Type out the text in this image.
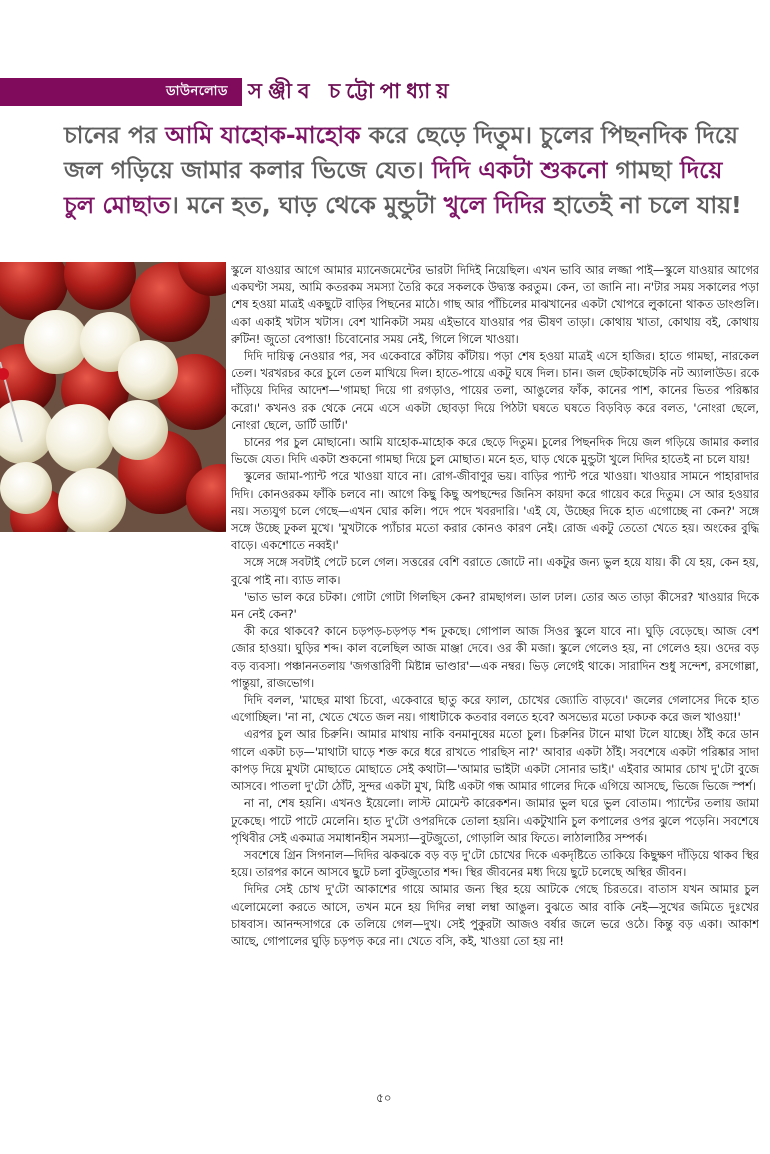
ডাউনলোড সঞ্জীব চট্টোপাধ্যায়
চানের পর আমি যাহোক-মাহোক করে ছেড়ে দিতুম। চুলের পিছনদিক দিয়ে জল গড়িয়ে জামার কলার ভিজে যেত। দিদি একটা শুকনো গামছা দিয়ে চুল মোছাত। মনে হত, ঘাড় থেকে মুন্ডুটা খুলে দিদির হাতেই না চলে যায়!

স্কুলে যাওয়ার আগে আমার ম্যানেজমেন্টের ভারটা দিদিই নিয়েছিল। এখন ভাবি আর লজ্জা পাই—স্কুলে যাওয়ার আগের একঘণ্টা সময়, আমি কতরকম সমস্যা তৈরি করে সকলকে উদ্ব্যস্ত করতুম। কেন, তা জানি না। ন'টার সময় সকালের পড়া শেষ হওয়া মাত্রই একছুটে বাড়ির পিছনের মাঠে। গাছ আর পাঁচিলের মাঝখানের একটা খোপরে লুকানো থাকত ডাংগুলি। একা একাই খটাস খটাস। বেশ খানিকটা সময় এইভাবে যাওয়ার পর ভীষণ তাড়া। কোথায় খাতা, কোথায় বই, কোথায় রুটিন! জুতো বেপাত্তা! চিবোনোর সময় নেই, গিলে গিলে খাওয়া।

দিদি দায়িত্ব নেওয়ার পর, সব একেবারে কাঁটায় কাঁটায়। পড়া শেষ হওয়া মাত্রই এসে হাজির। হাতে গামছা, নারকেল তেল। খরখরচর করে চুলে তেল মাখিয়ে দিল। হাতে-পায়ে একটু ঘষে দিল। চান। জল ছেটকাছেটকি নট অ্যালাউড। রকে দাঁড়িয়ে দিদির আদেশ—'গামছা দিয়ে গা রগড়াও, পায়ের তলা, আঙুলের ফাঁক, কানের পাশ, কানের ভিতর পরিষ্কার করো।' কখনও রক থেকে নেমে এসে একটা ছোবড়া দিয়ে পিঠটা ঘষতে ঘষতে বিড়বিড় করে বলত, 'নোংরা ছেলে, নোংরা ছেলে, ডার্টি ডার্টি।'

চানের পর চুল মোছানো। আমি যাহোক-মাহোক করে ছেড়ে দিতুম। চুলের পিছনদিক দিয়ে জল গড়িয়ে জামার কলার ভিজে যেত। দিদি একটা শুকনো গামছা দিয়ে চুল মোছাত। মনে হত, ঘাড় থেকে মুন্ডুটা খুলে দিদির হাতেই না চলে যায়!

স্কুলের জামা-প্যান্ট পরে খাওয়া যাবে না। রোগ-জীবাণুর ভয়। বাড়ির প্যান্ট পরে খাওয়া। খাওয়ার সামনে পাহারাদার দিদি। কোনওরকম ফাঁকি চলবে না। আগে কিছু কিছু অপছন্দের জিনিস কায়দা করে গায়েব করে দিতুম। সে আর হওয়ার নয়। সত্যযুগ চলে গেছে—এখন ঘোর কলি। পদে পদে খবরদারি। 'এই যে, উচ্ছের দিকে হাত এগোচ্ছে না কেন?' সঙ্গে সঙ্গে উচ্ছে ঢুকল মুখে। 'মুখটাকে প্যাঁচার মতো করার কোনও কারণ নেই। রোজ একটু তেতো খেতে হয়। অংকের বুদ্ধি বাড়ে। একশোতে নব্বই।'

সঙ্গে সঙ্গে সবটাই পেটে চলে গেল। সত্তরের বেশি বরাতে জোটে না। একটুর জন্য ভুল হয়ে যায়। কী যে হয়, কেন হয়, বুঝে পাই না। ব্যাড লাক।

'ভাত ভাল করে চটকা। গোটা গোটা গিলছিস কেন? রামছাগল। ডাল ঢাল। তোর অত তাড়া কীসের? খাওয়ার দিকে মন নেই কেন?'

কী করে থাকবে? কানে চড়পড়-চড়পড় শব্দ ঢুকছে। গোপাল আজ সিওর স্কুলে যাবে না। ঘুড়ি বেড়েছে। আজ বেশ জোর হাওয়া। ঘুড়ির শব্দ। কাল বলেছিল আজ মাঞ্জা দেবে। ওর কী মজা। স্কুলে গেলেও হয়, না গেলেও হয়। ওদের বড় বড় ব্যবসা। পঞ্চাননতলায় 'জগত্তারিণী মিষ্টান্ন ভাণ্ডার'—এক নম্বর। ভিড় লেগেই থাকে। সারাদিন শুধু সন্দেশ, রসগোল্লা, পান্তুয়া, রাজভোগ।

দিদি বলল, 'মাছের মাথা চিবো, একেবারে ছাতু করে ফ্যাল, চোখের জ্যোতি বাড়বে।' জলের গেলাসের দিকে হাত এগোচ্ছিল। 'না না, খেতে খেতে জল নয়। গাধাটাকে কতবার বলতে হবে? অসভ্যের মতো ঢকঢক করে জল খাওয়া!'

এরপর চুল আর চিরুনি। আমার মাথায় নাকি বনমানুষের মতো চুল। চিরুনির টানে মাথা টলে যাচ্ছে। ঠাঁই করে ডান গালে একটা চড়—'মাথাটা ঘাড়ে শক্ত করে ধরে রাখতে পারছিস না?' আবার একটা ঠাঁই। সবশেষে একটা পরিষ্কার সাদা কাপড় দিয়ে মুখটা মোছাতে মোছাতে সেই কথাটা—'আমার ভাইটা একটা সোনার ভাই।' এইবার আমার চোখ দু'টো বুজে আসবে। পাতলা দু'টো ঠোঁট, সুন্দর একটা মুখ, মিষ্টি একটা গন্ধ আমার গালের দিকে এগিয়ে আসছে, ভিজে ভিজে স্পর্শ।

না না, শেষ হয়নি। এখনও ইয়েলো। লাস্ট মোমেন্ট কারেকশন। জামার ভুল ঘরে ভুল বোতাম। প্যান্টের তলায় জামা ঢুকেছে। পাটে পাটে মেলেনি। হাত দু'টো ওপরদিকে তোলা হয়নি। একটুখানি চুল কপালের ওপর ঝুলে পড়েনি। সবশেষে পৃথিবীর সেই একমাত্র সমাধানহীন সমস্যা—বুটজুতো, গোড়ালি আর ফিতে। লাঠালাঠির সম্পর্ক।

সবশেষে গ্রিন সিগনাল—দিদির ঝকঝকে বড় বড় দু'টো চোখের দিকে একদৃষ্টিতে তাকিয়ে কিছুক্ষণ দাঁড়িয়ে থাকব স্থির হয়ে। তারপর কানে আসবে ছুটে চলা বুটজুতোর শব্দ। স্থির জীবনের মধ্য দিয়ে ছুটে চলেছে অস্থির জীবন।

দিদির সেই চোখ দু'টো আকাশের গায়ে আমার জন্য স্থির হয়ে আটকে গেছে চিরতরে। বাতাস যখন আমার চুল এলোমেলো করতে আসে, তখন মনে হয় দিদির লম্বা লম্বা আঙুল। বুঝতে আর বাকি নেই—সুখের জমিতে দুঃখের চাষবাস। আনন্দসাগরে কে তলিয়ে গেল—দুখ। সেই পুকুরটা আজও বর্ষার জলে ভরে ওঠে। কিন্তু বড় একা। আকাশ আছে, গোপালের ঘুড়ি চড়পড় করে না। খেতে বসি, কই, খাওয়া তো হয় না!

৫০
